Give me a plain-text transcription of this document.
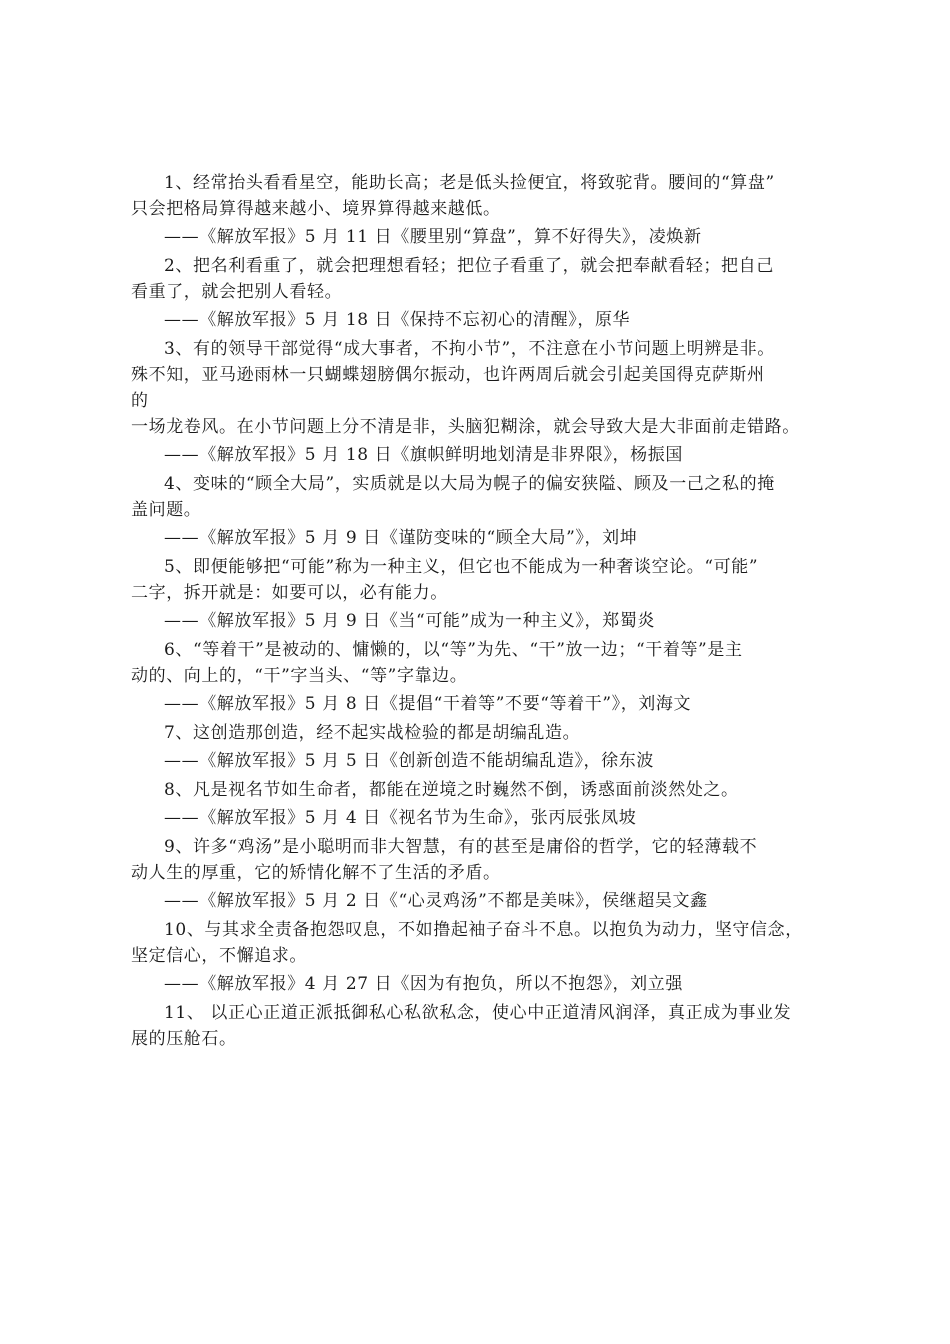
1、经常抬头看看星空，能助长高；老是低头捡便宜，将致驼背。腰间的“算盘”
只会把格局算得越来越小、境界算得越来越低。
——《解放军报》5 月 11 日《腰里别“算盘”，算不好得失》，凌焕新
2、把名利看重了，就会把理想看轻；把位子看重了，就会把奉献看轻；把自己
看重了，就会把别人看轻。
——《解放军报》5 月 18 日《保持不忘初心的清醒》，原华
3、有的领导干部觉得“成大事者，不拘小节”，不注意在小节问题上明辨是非。
殊不知，亚马逊雨林一只蝴蝶翅膀偶尔振动，也许两周后就会引起美国得克萨斯州
的
一场龙卷风。在小节问题上分不清是非，头脑犯糊涂，就会导致大是大非面前走错路。
——《解放军报》5 月 18 日《旗帜鲜明地划清是非界限》，杨振国
4、变味的“顾全大局”，实质就是以大局为幌子的偏安狭隘、顾及一己之私的掩
盖问题。
——《解放军报》5 月 9 日《谨防变味的“顾全大局”》，刘坤
5、即便能够把“可能”称为一种主义，但它也不能成为一种奢谈空论。“可能”
二字，拆开就是：如要可以，必有能力。
——《解放军报》5 月 9 日《当“可能”成为一种主义》，郑蜀炎
6、“等着干”是被动的、慵懒的，以“等”为先、“干”放一边；“干着等”是主
动的、向上的，“干”字当头、“等”字靠边。
——《解放军报》5 月 8 日《提倡“干着等”不要“等着干”》，刘海文
7、这创造那创造，经不起实战检验的都是胡编乱造。
——《解放军报》5 月 5 日《创新创造不能胡编乱造》，徐东波
8、凡是视名节如生命者，都能在逆境之时巍然不倒，诱惑面前淡然处之。
——《解放军报》5 月 4 日《视名节为生命》，张丙辰张凤坡
9、许多“鸡汤”是小聪明而非大智慧，有的甚至是庸俗的哲学，它的轻薄载不
动人生的厚重，它的矫情化解不了生活的矛盾。
——《解放军报》5 月 2 日《“心灵鸡汤”不都是美味》，侯继超吴文鑫
10、与其求全责备抱怨叹息，不如撸起袖子奋斗不息。以抱负为动力，坚守信念，
坚定信心，不懈追求。
——《解放军报》4 月 27 日《因为有抱负，所以不抱怨》，刘立强
11、 以正心正道正派抵御私心私欲私念，使心中正道清风润泽，真正成为事业发
展的压舱石。
